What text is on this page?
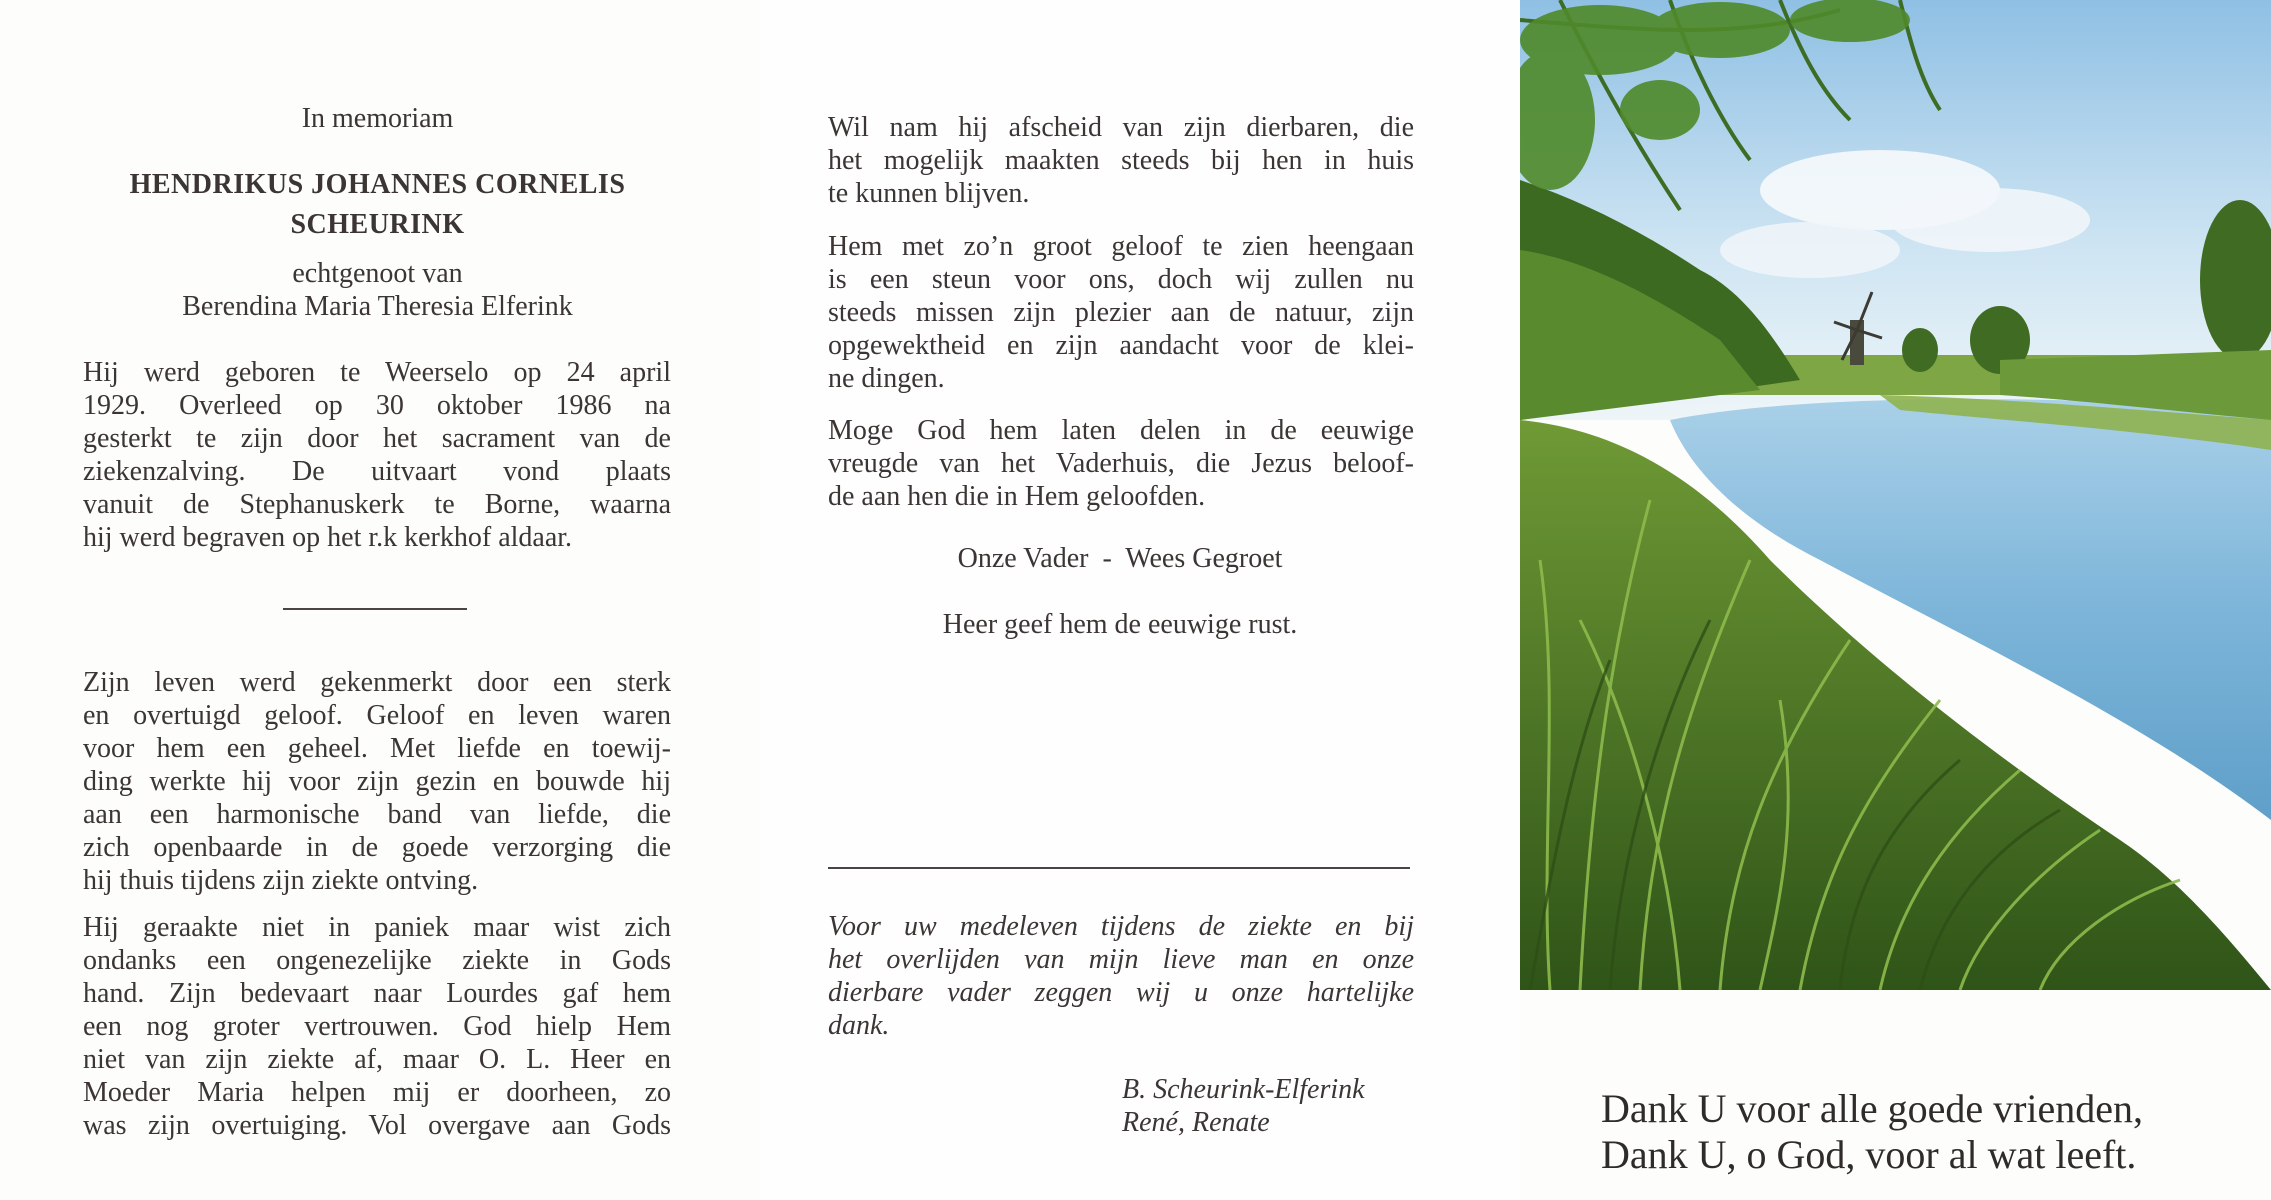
In memoriam

HENDRIKUS JOHANNES CORNELIS

SCHEURINK

echtgenoot van

Berendina Maria Theresia Elferink

Hij werd geboren te Weerselo op 24 april

1929. Overleed op 30 oktober 1986 na

gesterkt te zijn door het sacrament van de

ziekenzalving. De uitvaart vond plaats

vanuit de Stephanuskerk te Borne, waarna

hij werd begraven op het r.k kerkhof aldaar.

Zijn leven werd gekenmerkt door een sterk

en overtuigd geloof. Geloof en leven waren

voor hem een geheel. Met liefde en toewij-

ding werkte hij voor zijn gezin en bouwde hij

aan een harmonische band van liefde, die

zich openbaarde in de goede verzorging die

hij thuis tijdens zijn ziekte ontving.

Hij geraakte niet in paniek maar wist zich

ondanks een ongenezelijke ziekte in Gods

hand. Zijn bedevaart naar Lourdes gaf hem

een nog groter vertrouwen. God hielp Hem

niet van zijn ziekte af, maar O. L. Heer en

Moeder Maria helpen mij er doorheen, zo

was zijn overtuiging. Vol overgave aan Gods

Wil nam hij afscheid van zijn dierbaren, die

het mogelijk maakten steeds bij hen in huis

te kunnen blijven.

Hem met zo’n groot geloof te zien heengaan

is een steun voor ons, doch wij zullen nu

steeds missen zijn plezier aan de natuur, zijn

opgewektheid en zijn aandacht voor de klei-

ne dingen.

Moge God hem laten delen in de eeuwige

vreugde van het Vaderhuis, die Jezus beloof-

de aan hen die in Hem geloofden.

Onze Vader  -  Wees Gegroet

Heer geef hem de eeuwige rust.

Voor uw medeleven tijdens de ziekte en bij

het overlijden van mijn lieve man en onze

dierbare vader zeggen wij u onze hartelijke

dank.

B. Scheurink-Elferink

René, Renate	Dank U voor alle goede vrienden,

Dank U, o God, voor al wat leeft.
